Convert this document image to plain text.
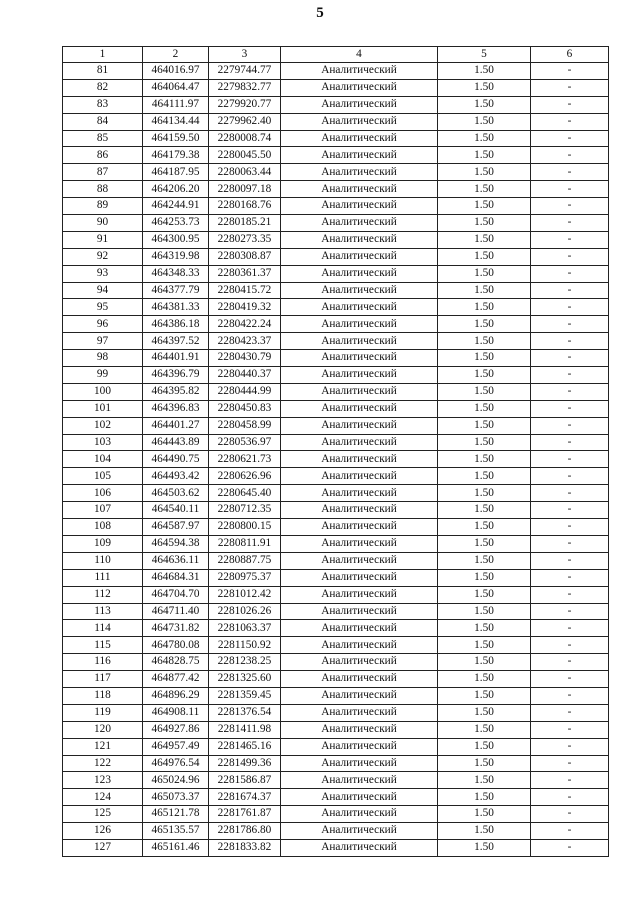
5
1	2	3	4	5	6
81	464016.97	2279744.77	Аналитический	1.50	-
82	464064.47	2279832.77	Аналитический	1.50	-
83	464111.97	2279920.77	Аналитический	1.50	-
84	464134.44	2279962.40	Аналитический	1.50	-
85	464159.50	2280008.74	Аналитический	1.50	-
86	464179.38	2280045.50	Аналитический	1.50	-
87	464187.95	2280063.44	Аналитический	1.50	-
88	464206.20	2280097.18	Аналитический	1.50	-
89	464244.91	2280168.76	Аналитический	1.50	-
90	464253.73	2280185.21	Аналитический	1.50	-
91	464300.95	2280273.35	Аналитический	1.50	-
92	464319.98	2280308.87	Аналитический	1.50	-
93	464348.33	2280361.37	Аналитический	1.50	-
94	464377.79	2280415.72	Аналитический	1.50	-
95	464381.33	2280419.32	Аналитический	1.50	-
96	464386.18	2280422.24	Аналитический	1.50	-
97	464397.52	2280423.37	Аналитический	1.50	-
98	464401.91	2280430.79	Аналитический	1.50	-
99	464396.79	2280440.37	Аналитический	1.50	-
100	464395.82	2280444.99	Аналитический	1.50	-
101	464396.83	2280450.83	Аналитический	1.50	-
102	464401.27	2280458.99	Аналитический	1.50	-
103	464443.89	2280536.97	Аналитический	1.50	-
104	464490.75	2280621.73	Аналитический	1.50	-
105	464493.42	2280626.96	Аналитический	1.50	-
106	464503.62	2280645.40	Аналитический	1.50	-
107	464540.11	2280712.35	Аналитический	1.50	-
108	464587.97	2280800.15	Аналитический	1.50	-
109	464594.38	2280811.91	Аналитический	1.50	-
110	464636.11	2280887.75	Аналитический	1.50	-
111	464684.31	2280975.37	Аналитический	1.50	-
112	464704.70	2281012.42	Аналитический	1.50	-
113	464711.40	2281026.26	Аналитический	1.50	-
114	464731.82	2281063.37	Аналитический	1.50	-
115	464780.08	2281150.92	Аналитический	1.50	-
116	464828.75	2281238.25	Аналитический	1.50	-
117	464877.42	2281325.60	Аналитический	1.50	-
118	464896.29	2281359.45	Аналитический	1.50	-
119	464908.11	2281376.54	Аналитический	1.50	-
120	464927.86	2281411.98	Аналитический	1.50	-
121	464957.49	2281465.16	Аналитический	1.50	-
122	464976.54	2281499.36	Аналитический	1.50	-
123	465024.96	2281586.87	Аналитический	1.50	-
124	465073.37	2281674.37	Аналитический	1.50	-
125	465121.78	2281761.87	Аналитический	1.50	-
126	465135.57	2281786.80	Аналитический	1.50	-
127	465161.46	2281833.82	Аналитический	1.50	-
